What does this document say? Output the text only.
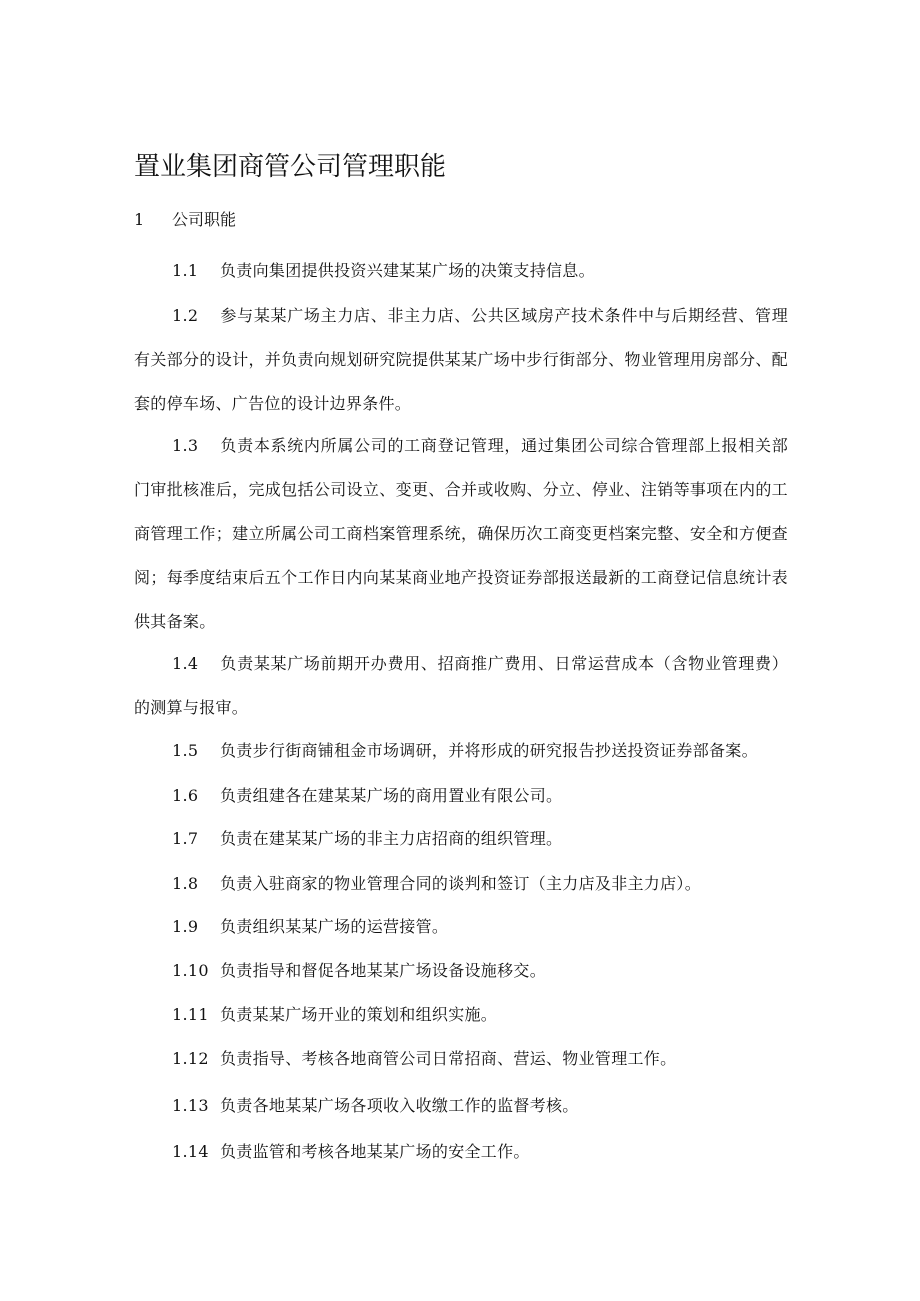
置业集团商管公司管理职能
1 公司职能

1.1 负责向集团提供投资兴建某某广场的决策支持信息。

1.2 参与某某广场主力店、非主力店、公共区域房产技术条件中与后期经营、管理有关部分的设计，并负责向规划研究院提供某某广场中步行街部分、物业管理用房部分、配套的停车场、广告位的设计边界条件。

1.3 负责本系统内所属公司的工商登记管理，通过集团公司综合管理部上报相关部门审批核准后，完成包括公司设立、变更、合并或收购、分立、停业、注销等事项在内的工商管理工作；建立所属公司工商档案管理系统，确保历次工商变更档案完整、安全和方便查阅；每季度结束后五个工作日内向某某商业地产投资证券部报送最新的工商登记信息统计表供其备案。

1.4 负责某某广场前期开办费用、招商推广费用、日常运营成本（含物业管理费）的测算与报审。

1.5 负责步行街商铺租金市场调研，并将形成的研究报告抄送投资证券部备案。

1.6 负责组建各在建某某广场的商用置业有限公司。

1.7 负责在建某某广场的非主力店招商的组织管理。

1.8 负责入驻商家的物业管理合同的谈判和签订（主力店及非主力店）。

1.9 负责组织某某广场的运营接管。

1.10 负责指导和督促各地某某广场设备设施移交。

1.11 负责某某广场开业的策划和组织实施。

1.12 负责指导、考核各地商管公司日常招商、营运、物业管理工作。

1.13 负责各地某某广场各项收入收缴工作的监督考核。

1.14 负责监管和考核各地某某广场的安全工作。
